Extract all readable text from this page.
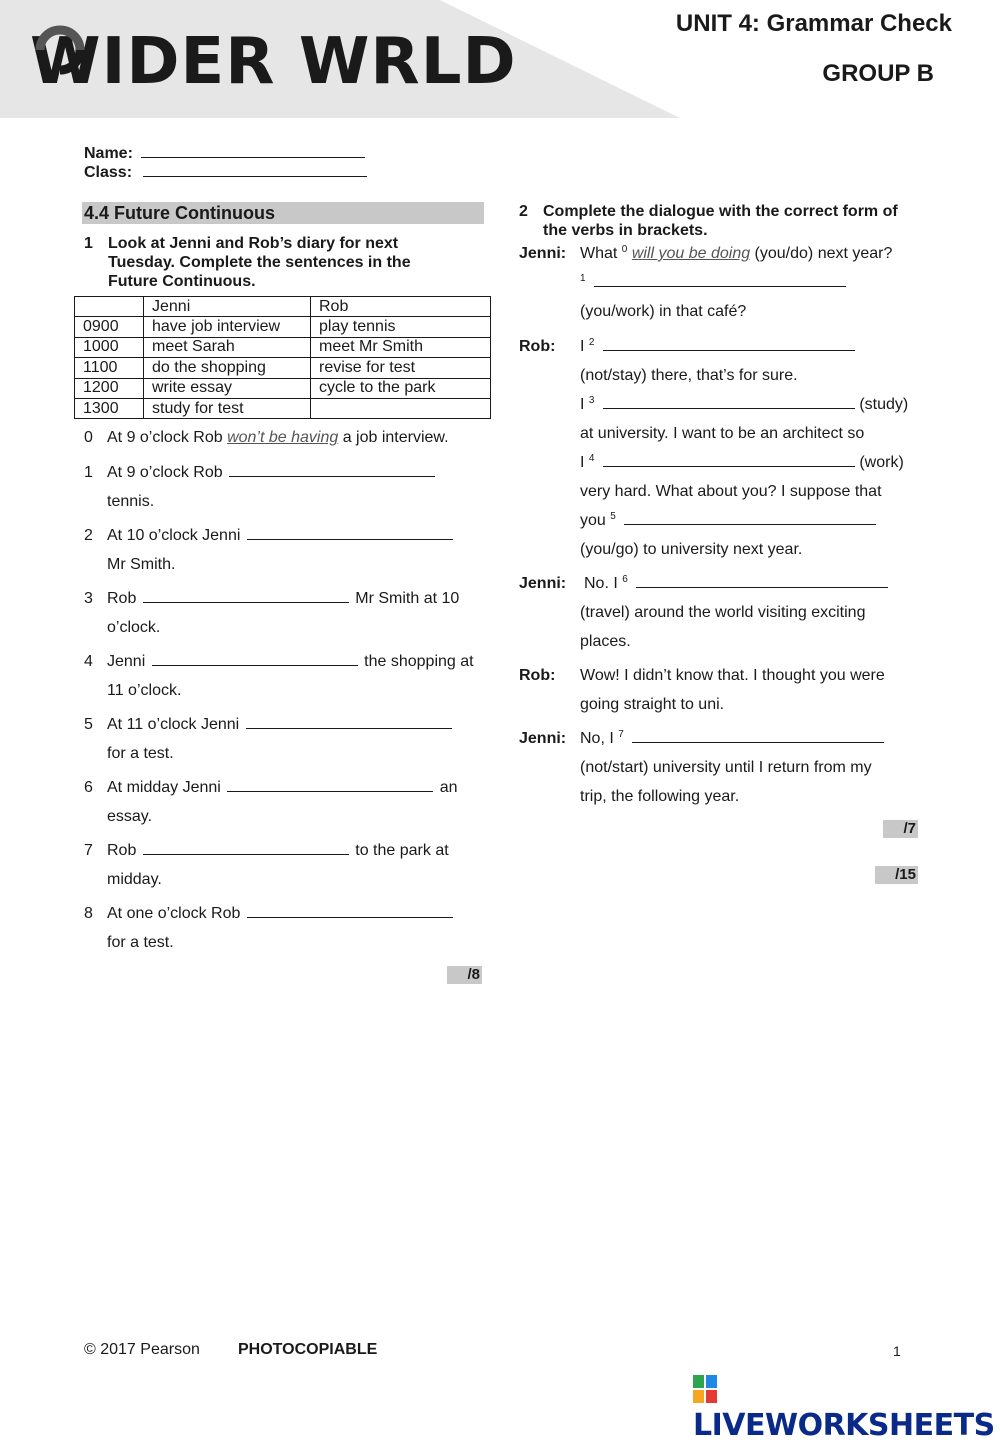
WIDER W
RLD
UNIT 4: Grammar Check
GROUP B
Name:
Class:
4.4 Future Continuous
1 Look at Jenni and Rob’s diary for next Tuesday. Complete the sentences in the Future Continuous.
	Jenni	Rob
0900	have job interview	play tennis
1000	meet Sarah	meet Mr Smith
1100	do the shopping	revise for test
1200	write essay	cycle to the park
1300	study for test	
0 At 9 o’clock Rob won’t be having a job interview.
1 At 9 o’clock Rob
tennis.
2 At 10 o’clock Jenni
Mr Smith.
3 Rob	Mr Smith at 10 o’clock.
4 Jenni	the shopping at 11 o’clock.
5 At 11 o’clock Jenni
for a test.
6 At midday Jenni	an essay.
7 Rob	to the park at midday.
8 At one o’clock Rob
for a test.
/8
2 Complete the dialogue with the correct form of the verbs in brackets.
Jenni: What $^0$ will you be doing (you/do) next year?
$^1$
(you/work) in that café?
Rob:	I $^2$
(not/stay) there, that’s for sure.
I $^3$	(study)
at university. I want to be an architect so
I $^4$	(work)
very hard. What about you? I suppose that
you $^5$
(you/go) to university next year.
Jenni:	No. I $^6$
(travel) around the world visiting exciting
places.
Rob:	Wow! I didn’t know that. I thought you were
going straight to uni.
Jenni: No, I $^7$
(not/start) university until I return from my
trip, the following year.
/7
/15
© 2017 Pearson PHOTOCOPIABLE	1
LIVEWORKSHEETS
